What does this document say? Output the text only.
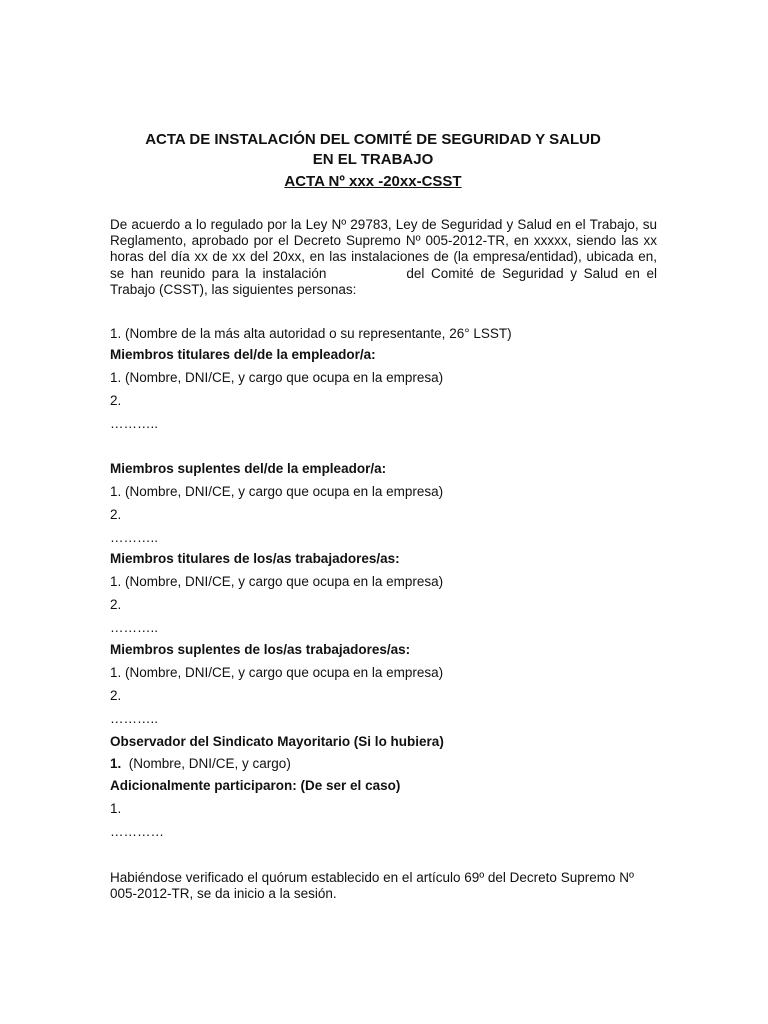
ACTA DE INSTALACIÓN DEL COMITÉ DE SEGURIDAD Y SALUD
EN EL TRABAJO
ACTA Nº xxx -20xx-CSST
De acuerdo a lo regulado por la Ley Nº 29783, Ley de Seguridad y Salud en el Trabajo, su Reglamento, aprobado por el Decreto Supremo Nº 005-2012-TR, en xxxxx, siendo las xx horas del día xx de xx del 20xx, en las instalaciones de (la empresa/entidad), ubicada en, se han reunido para la instalación	del Comité de Seguridad y Salud en el Trabajo (CSST), las siguientes personas:
1. (Nombre de la más alta autoridad o su representante, 26° LSST)
Miembros titulares del/de la empleador/a:
1. (Nombre, DNI/CE, y cargo que ocupa en la empresa)
2.
………..
Miembros suplentes del/de la empleador/a:
1. (Nombre, DNI/CE, y cargo que ocupa en la empresa)
2.
………..
Miembros titulares de los/as trabajadores/as:
1. (Nombre, DNI/CE, y cargo que ocupa en la empresa)
2.
………..
Miembros suplentes de los/as trabajadores/as:
1. (Nombre, DNI/CE, y cargo que ocupa en la empresa)
2.
………..
Observador del Sindicato Mayoritario (Si lo hubiera)
1. (Nombre, DNI/CE, y cargo)
Adicionalmente participaron: (De ser el caso)
1.
…………
Habiéndose verificado el quórum establecido en el artículo 69º del Decreto Supremo Nº 005-2012-TR, se da inicio a la sesión.
